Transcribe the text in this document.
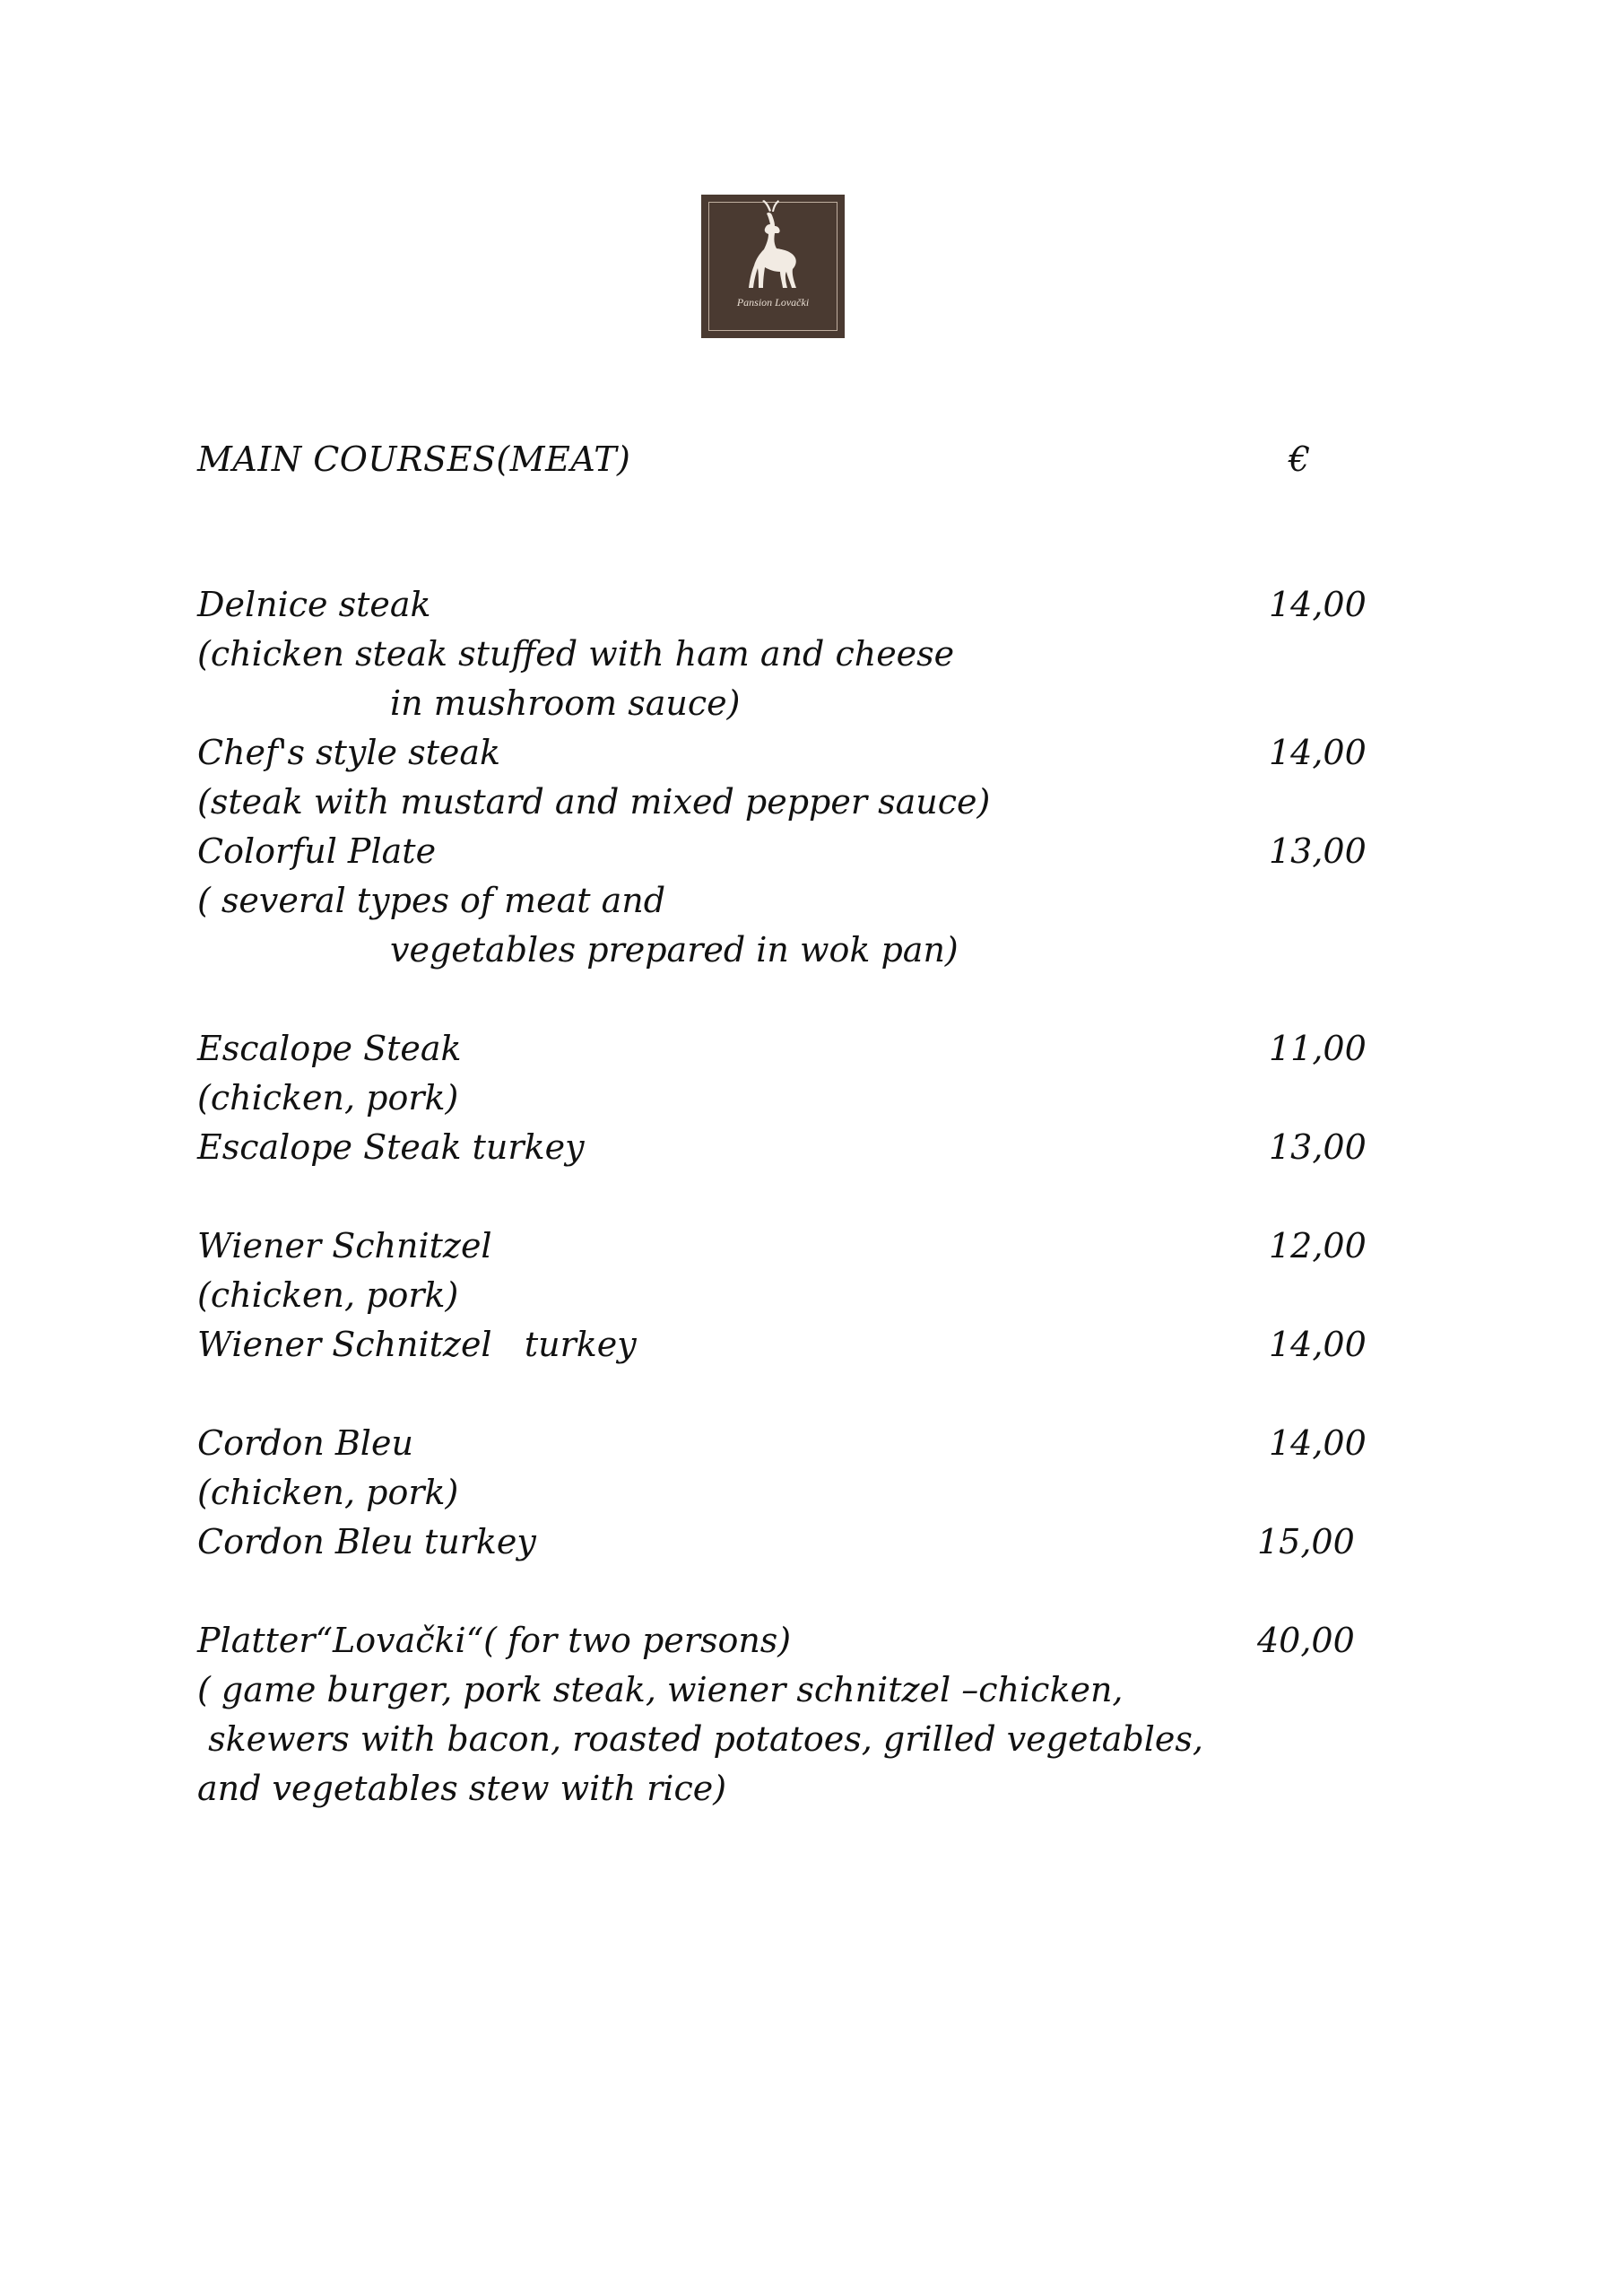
Pansion Lovački
MAIN COURSES(MEAT)	€
Delnice steak	14,00
(chicken steak stuffed with ham and cheese
in mushroom sauce)
Chef's style steak	14,00
(steak with mustard and mixed pepper sauce)
Colorful Plate	13,00
( several types of meat and
vegetables prepared in wok pan)
Escalope Steak	11,00
(chicken, pork)
Escalope Steak turkey	13,00
Wiener Schnitzel	12,00
(chicken, pork)
Wiener Schnitzel   turkey	14,00
Cordon Bleu	14,00
(chicken, pork)
Cordon Bleu turkey	15,00
Platter“Lovački“( for two persons)	40,00
( game burger, pork steak, wiener schnitzel –chicken,
skewers with bacon, roasted potatoes, grilled vegetables,
and vegetables stew with rice)
